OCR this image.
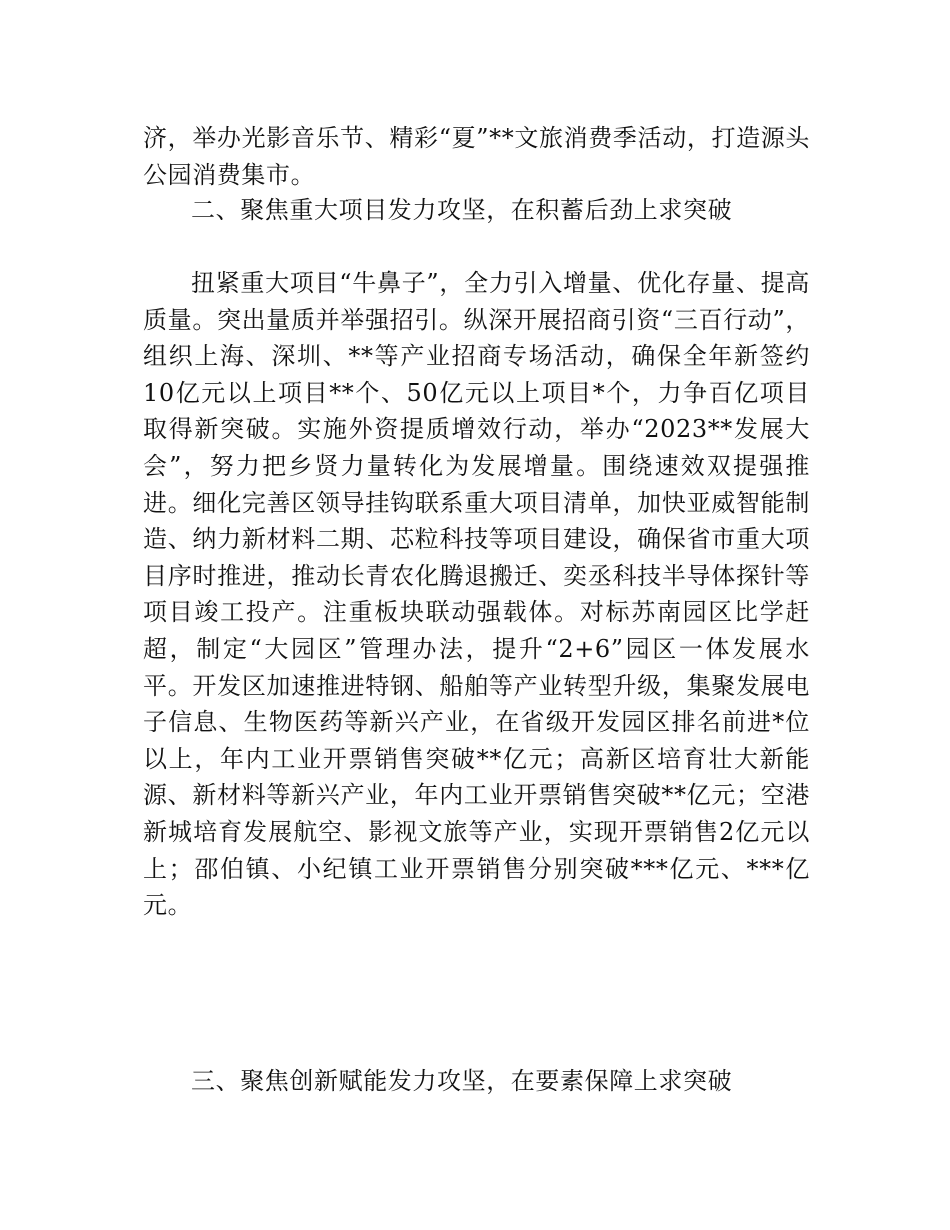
济，举办光影音乐节、精彩“夏”**文旅消费季活动，打造源头公园消费集市。

二、聚焦重大项目发力攻坚，在积蓄后劲上求突破

扭紧重大项目“牛鼻子”，全力引入增量、优化存量、提高质量。突出量质并举强招引。纵深开展招商引资“三百行动”，组织上海、深圳、**等产业招商专场活动，确保全年新签约10亿元以上项目**个、50亿元以上项目*个，力争百亿项目取得新突破。实施外资提质增效行动，举办“2023**发展大会”，努力把乡贤力量转化为发展增量。围绕速效双提强推进。细化完善区领导挂钩联系重大项目清单，加快亚威智能制造、纳力新材料二期、芯粒科技等项目建设，确保省市重大项目序时推进，推动长青农化腾退搬迁、奕丞科技半导体探针等项目竣工投产。注重板块联动强载体。对标苏南园区比学赶超，制定“大园区”管理办法，提升“2+6”园区一体发展水平。开发区加速推进特钢、船舶等产业转型升级，集聚发展电子信息、生物医药等新兴产业，在省级开发园区排名前进*位以上，年内工业开票销售突破**亿元；高新区培育壮大新能源、新材料等新兴产业，年内工业开票销售突破**亿元；空港新城培育发展航空、影视文旅等产业，实现开票销售2亿元以上；邵伯镇、小纪镇工业开票销售分别突破***亿元、***亿元。

三、聚焦创新赋能发力攻坚，在要素保障上求突破
